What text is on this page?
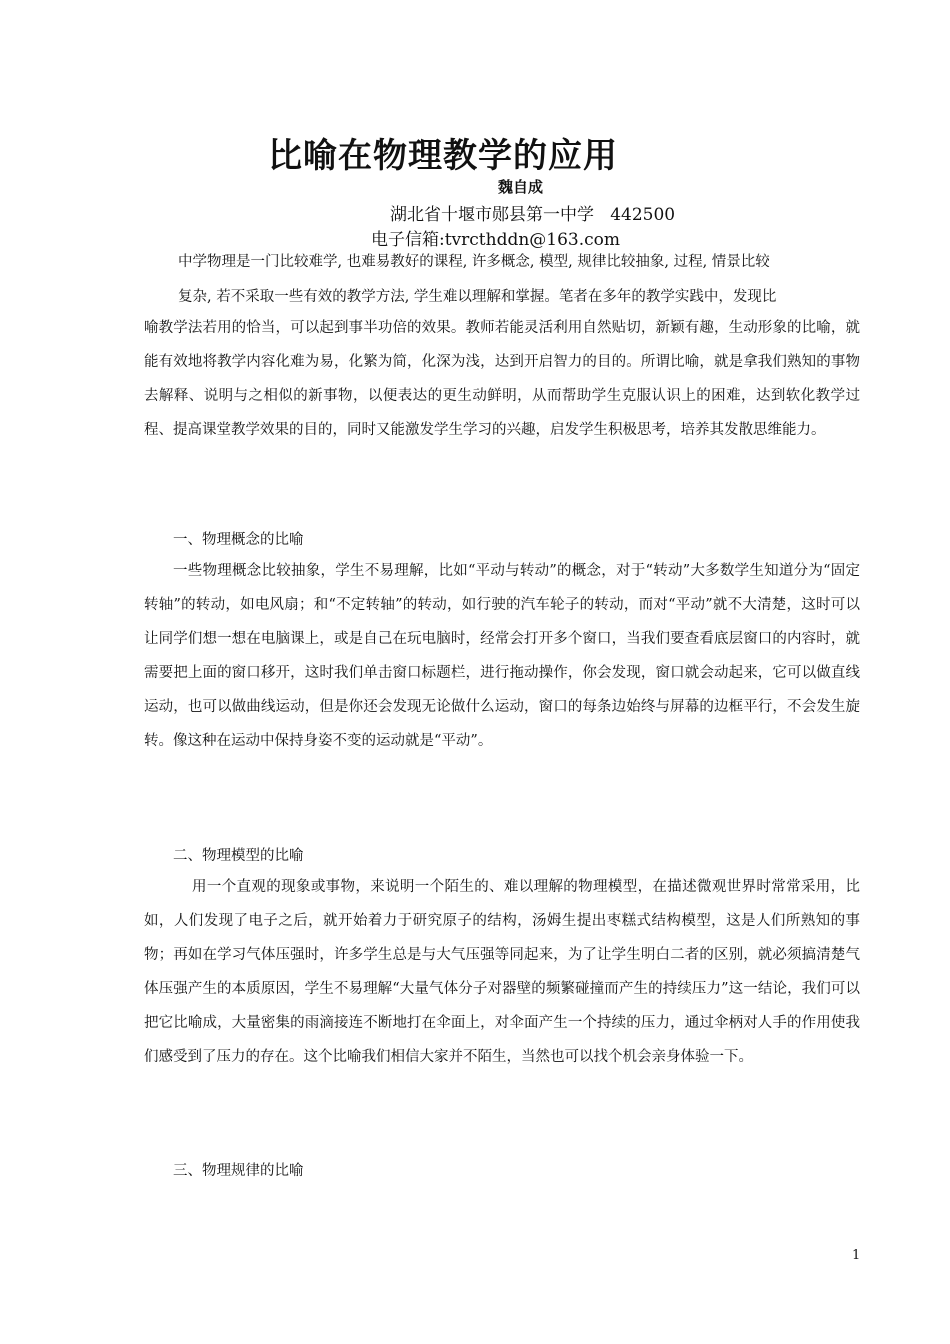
比喻在物理教学的应用
魏自成
湖北省十堰市郧县第一中学   442500
电子信箱:tvrcthddn@163.com

中学物理是一门比较难学, 也难易教好的课程, 许多概念, 模型, 规律比较抽象, 过程, 情景比较

复杂, 若不采取一些有效的教学方法, 学生难以理解和掌握。笔者在多年的教学实践中，发现比

喻教学法若用的恰当，可以起到事半功倍的效果。教师若能灵活利用自然贴切，新颖有趣，生动形象的比喻，就能有效地将教学内容化难为易，化繁为简，化深为浅，达到开启智力的目的。所谓比喻，就是拿我们熟知的事物去解释、说明与之相似的新事物，以便表达的更生动鲜明，从而帮助学生克服认识上的困难，达到软化教学过程、提高课堂教学效果的目的，同时又能激发学生学习的兴趣，启发学生积极思考，培养其发散思维能力。

一、物理概念的比喻

一些物理概念比较抽象，学生不易理解，比如“平动与转动”的概念，对于“转动”大多数学生知道分为“固定转轴”的转动，如电风扇；和“不定转轴”的转动，如行驶的汽车轮子的转动，而对“平动”就不大清楚，这时可以让同学们想一想在电脑课上，或是自己在玩电脑时，经常会打开多个窗口，当我们要查看底层窗口的内容时，就需要把上面的窗口移开，这时我们单击窗口标题栏，进行拖动操作，你会发现，窗口就会动起来，它可以做直线运动，也可以做曲线运动，但是你还会发现无论做什么运动，窗口的每条边始终与屏幕的边框平行，不会发生旋转。像这种在运动中保持身姿不变的运动就是“平动”。

二、物理模型的比喻

用一个直观的现象或事物，来说明一个陌生的、难以理解的物理模型，在描述微观世界时常常采用，比如，人们发现了电子之后，就开始着力于研究原子的结构，汤姆生提出枣糕式结构模型，这是人们所熟知的事物；再如在学习气体压强时，许多学生总是与大气压强等同起来，为了让学生明白二者的区别，就必须搞清楚气体压强产生的本质原因，学生不易理解“大量气体分子对器壁的频繁碰撞而产生的持续压力”这一结论，我们可以把它比喻成，大量密集的雨滴接连不断地打在伞面上，对伞面产生一个持续的压力，通过伞柄对人手的作用使我们感受到了压力的存在。这个比喻我们相信大家并不陌生，当然也可以找个机会亲身体验一下。

三、物理规律的比喻

1
